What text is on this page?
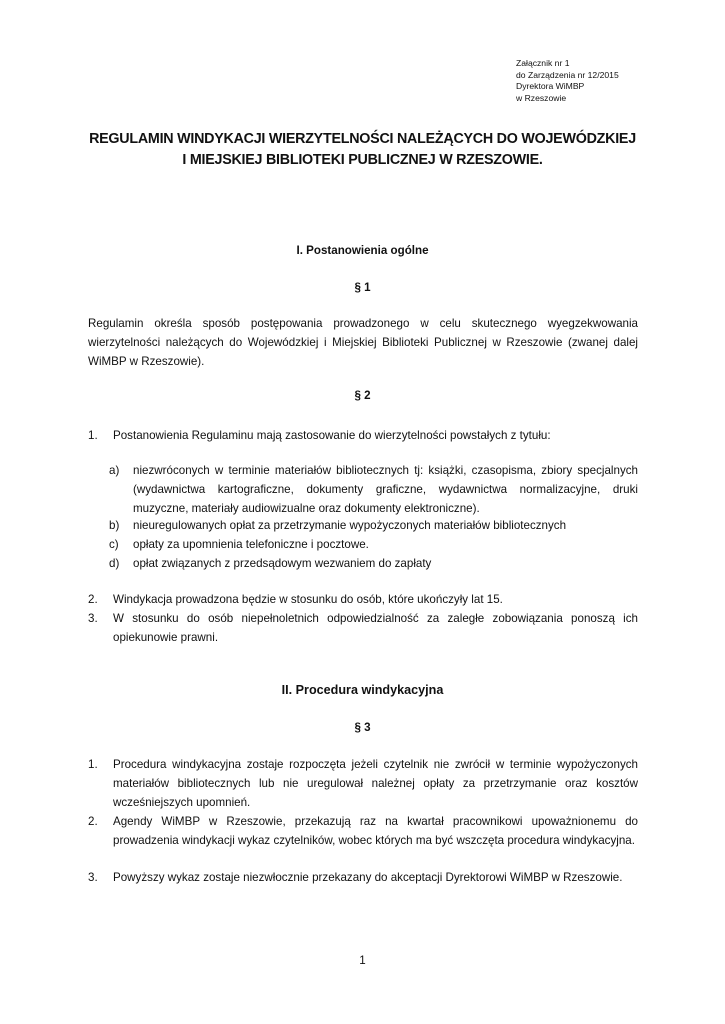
Załącznik nr 1
do Zarządzenia nr 12/2015
Dyrektora WiMBP
w Rzeszowie
REGULAMIN WINDYKACJI WIERZYTELNOŚCI NALEŻĄCYCH DO WOJEWÓDZKIEJ
I MIEJSKIEJ BIBLIOTEKI PUBLICZNEJ W RZESZOWIE.
I. Postanowienia ogólne
§ 1
Regulamin określa sposób postępowania prowadzonego w celu skutecznego wyegzekwowania wierzytelności należących do Wojewódzkiej i Miejskiej Biblioteki Publicznej w Rzeszowie (zwanej dalej WiMBP w Rzeszowie).
§ 2
1. Postanowienia Regulaminu mają zastosowanie do wierzytelności powstałych z tytułu:
a) niezwróconych w terminie materiałów bibliotecznych tj: książki, czasopisma, zbiory specjalnych (wydawnictwa kartograficzne, dokumenty graficzne, wydawnictwa normalizacyjne, druki muzyczne, materiały audiowizualne oraz dokumenty elektroniczne).
b) nieuregulowanych opłat za przetrzymanie wypożyczonych materiałów bibliotecznych
c) opłaty za upomnienia telefoniczne i pocztowe.
d) opłat związanych z przedsądowym wezwaniem do zapłaty
2. Windykacja prowadzona będzie w stosunku do osób, które ukończyły lat 15.
3. W stosunku do osób niepełnoletnich odpowiedzialność za zaległe zobowiązania ponoszą ich opiekunowie prawni.
II. Procedura windykacyjna
§ 3
1. Procedura windykacyjna zostaje rozpoczęta jeżeli czytelnik nie zwrócił w terminie wypożyczonych materiałów bibliotecznych lub nie uregulował należnej opłaty za przetrzymanie oraz kosztów wcześniejszych upomnień.
2. Agendy WiMBP w Rzeszowie, przekazują raz na kwartał pracownikowi upoważnionemu do prowadzenia windykacji wykaz czytelników, wobec których ma być wszczęta procedura windykacyjna.
3. Powyższy wykaz zostaje niezwłocznie przekazany do akceptacji Dyrektorowi WiMBP w Rzeszowie.
1
